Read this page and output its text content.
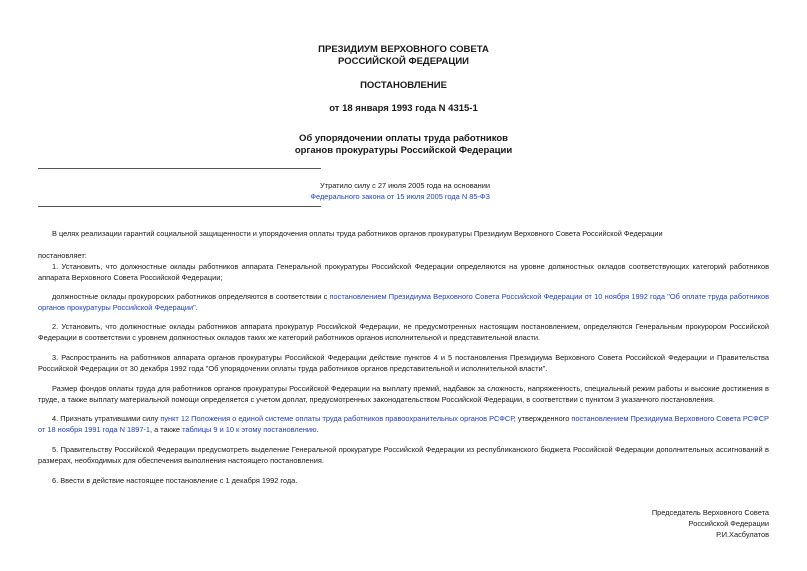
ПРЕЗИДИУМ ВЕРХОВНОГО СОВЕТА
РОССИЙСКОЙ ФЕДЕРАЦИИ
ПОСТАНОВЛЕНИЕ
от 18 января 1993 года N 4315-1
Об упорядочении оплаты труда работников
органов прокуратуры Российской Федерации
Утратило силу с 27 июля 2005 года на основании
Федерального закона от 15 июля 2005 года N 85-ФЗ
В целях реализации гарантий социальной защищенности и упорядочения оплаты труда работников органов прокуратуры Президиум Верховного Совета Российской Федерации
постановляет:
1. Установить, что должностные оклады работников аппарата Генеральной прокуратуры Российской Федерации определяются на уровне должностных окладов соответствующих категорий работников аппарата Верховного Совета Российской Федерации;
должностные оклады прокурорских работников определяются в соответствии с постановлением Президиума Верховного Совета Российской Федерации от 10 ноября 1992 года "Об оплате труда работников органов прокуратуры Российской Федерации".
2. Установить, что должностные оклады работников аппарата прокуратур Российской Федерации, не предусмотренных настоящим постановлением, определяются Генеральным прокурором Российской Федерации в соответствии с уровнем должностных окладов таких же категорий работников органов исполнительной и представительной власти.
3. Распространить на работников аппарата органов прокуратуры Российской Федерации действие пунктов 4 и 5 постановления Президиума Верховного Совета Российской Федерации и Правительства Российской Федерации от 30 декабря 1992 года "Об упорядочении оплаты труда работников органов представительной и исполнительной власти".
Размер фондов оплаты труда для работников органов прокуратуры Российской Федерации на выплату премий, надбавок за сложность, напряженность, специальный режим работы и высокие достижения в труде, а также выплату материальной помощи определяется с учетом доплат, предусмотренных законодательством Российской Федерации, в соответствии с пунктом 3 указанного постановления.
4. Признать утратившими силу пункт 12 Положения о единой системе оплаты труда работников правоохранительных органов РСФСР, утвержденного постановлением Президиума Верховного Совета РСФСР от 18 ноября 1991 года N 1897-1, а также таблицы 9 и 10 к этому постановлению.
5. Правительству Российской Федерации предусмотреть выделение Генеральной прокуратуре Российской Федерации из республиканского бюджета Российской Федерации дополнительных ассигнований в размерах, необходимых для обеспечения выполнения настоящего постановления.
6. Ввести в действие настоящее постановление с 1 декабря 1992 года.
Председатель Верховного Совета
Российской Федерации
Р.И.Хасбулатов
